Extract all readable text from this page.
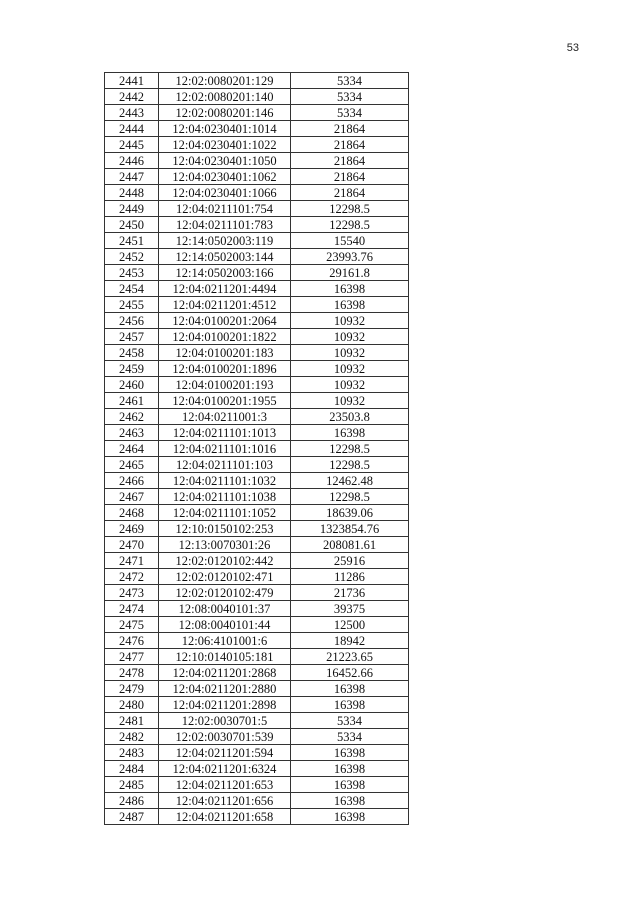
53
2441	12:02:0080201:129	5334
2442	12:02:0080201:140	5334
2443	12:02:0080201:146	5334
2444	12:04:0230401:1014	21864
2445	12:04:0230401:1022	21864
2446	12:04:0230401:1050	21864
2447	12:04:0230401:1062	21864
2448	12:04:0230401:1066	21864
2449	12:04:0211101:754	12298.5
2450	12:04:0211101:783	12298.5
2451	12:14:0502003:119	15540
2452	12:14:0502003:144	23993.76
2453	12:14:0502003:166	29161.8
2454	12:04:0211201:4494	16398
2455	12:04:0211201:4512	16398
2456	12:04:0100201:2064	10932
2457	12:04:0100201:1822	10932
2458	12:04:0100201:183	10932
2459	12:04:0100201:1896	10932
2460	12:04:0100201:193	10932
2461	12:04:0100201:1955	10932
2462	12:04:0211001:3	23503.8
2463	12:04:0211101:1013	16398
2464	12:04:0211101:1016	12298.5
2465	12:04:0211101:103	12298.5
2466	12:04:0211101:1032	12462.48
2467	12:04:0211101:1038	12298.5
2468	12:04:0211101:1052	18639.06
2469	12:10:0150102:253	1323854.76
2470	12:13:0070301:26	208081.61
2471	12:02:0120102:442	25916
2472	12:02:0120102:471	11286
2473	12:02:0120102:479	21736
2474	12:08:0040101:37	39375
2475	12:08:0040101:44	12500
2476	12:06:4101001:6	18942
2477	12:10:0140105:181	21223.65
2478	12:04:0211201:2868	16452.66
2479	12:04:0211201:2880	16398
2480	12:04:0211201:2898	16398
2481	12:02:0030701:5	5334
2482	12:02:0030701:539	5334
2483	12:04:0211201:594	16398
2484	12:04:0211201:6324	16398
2485	12:04:0211201:653	16398
2486	12:04:0211201:656	16398
2487	12:04:0211201:658	16398
